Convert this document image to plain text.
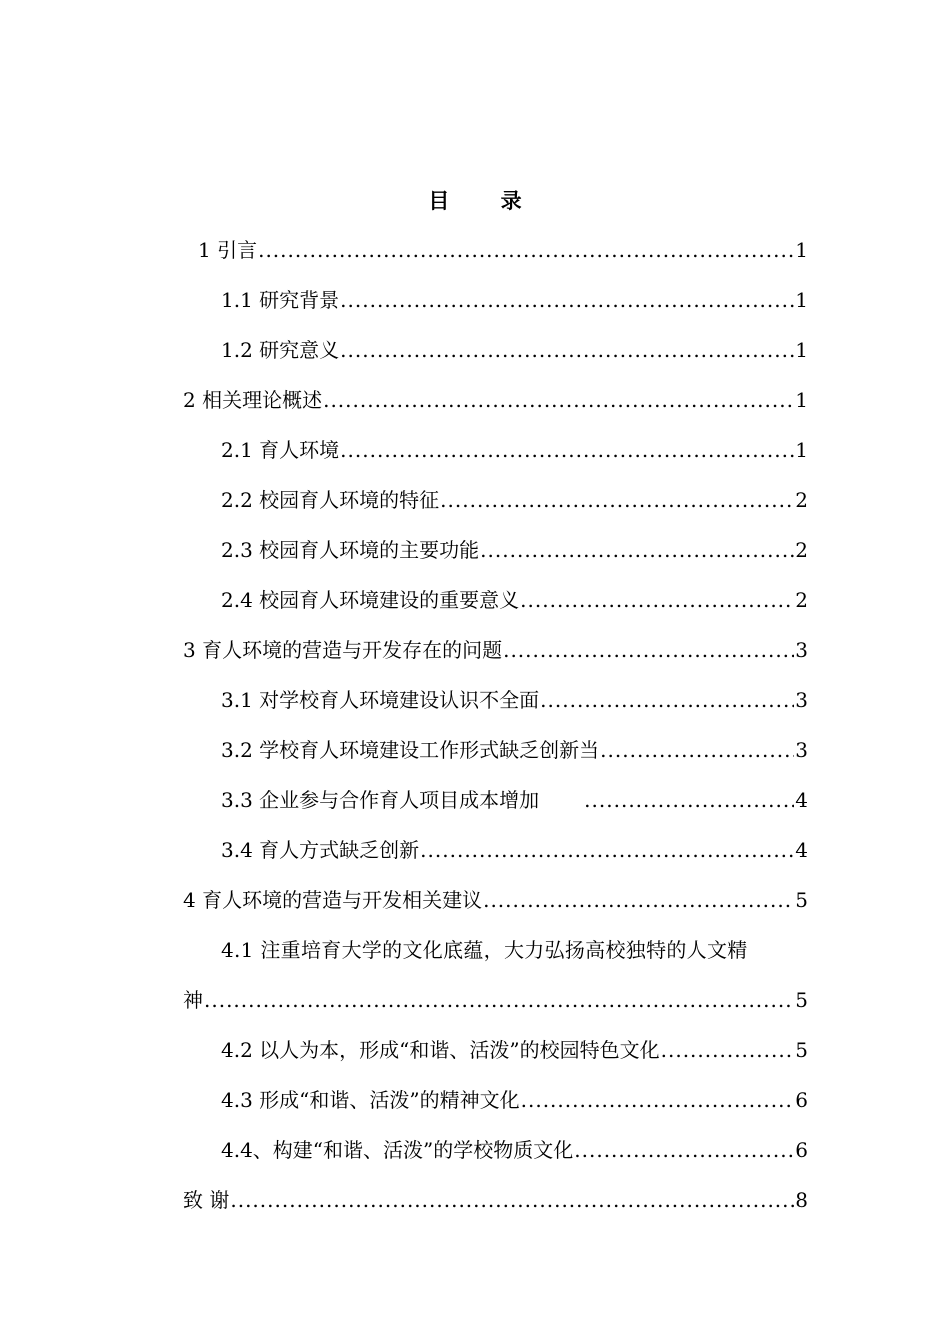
目 录
1 引言 .....	1
1.1 研究背景 .....	1
1.2 研究意义 .....	1
2 相关理论概述 .....	1
2.1 育人环境 .....	1
2.2 校园育人环境的特征 .....	2
2.3 校园育人环境的主要功能 .....	2
2.4 校园育人环境建设的重要意义 .....	2
3 育人环境的营造与开发存在的问题 .....	3
3.1 对学校育人环境建设认识不全面 .....	3
3.2 学校育人环境建设工作形式缺乏创新当 .....	3
3.3 企业参与合作育人项目成本增加 .....	4
3.4 育人方式缺乏创新 .....	4
4 育人环境的营造与开发相关建议 .....	5
4.1 注重培育大学的文化底蕴，大力弘扬高校独特的人文精
神 .....	5
4.2 以人为本，形成“和谐、活泼”的校园特色文化 .....	5
4.3 形成“和谐、活泼”的精神文化 .....	6
4.4、构建“和谐、活泼”的学校物质文化 .....	6
致 谢 .....	8
